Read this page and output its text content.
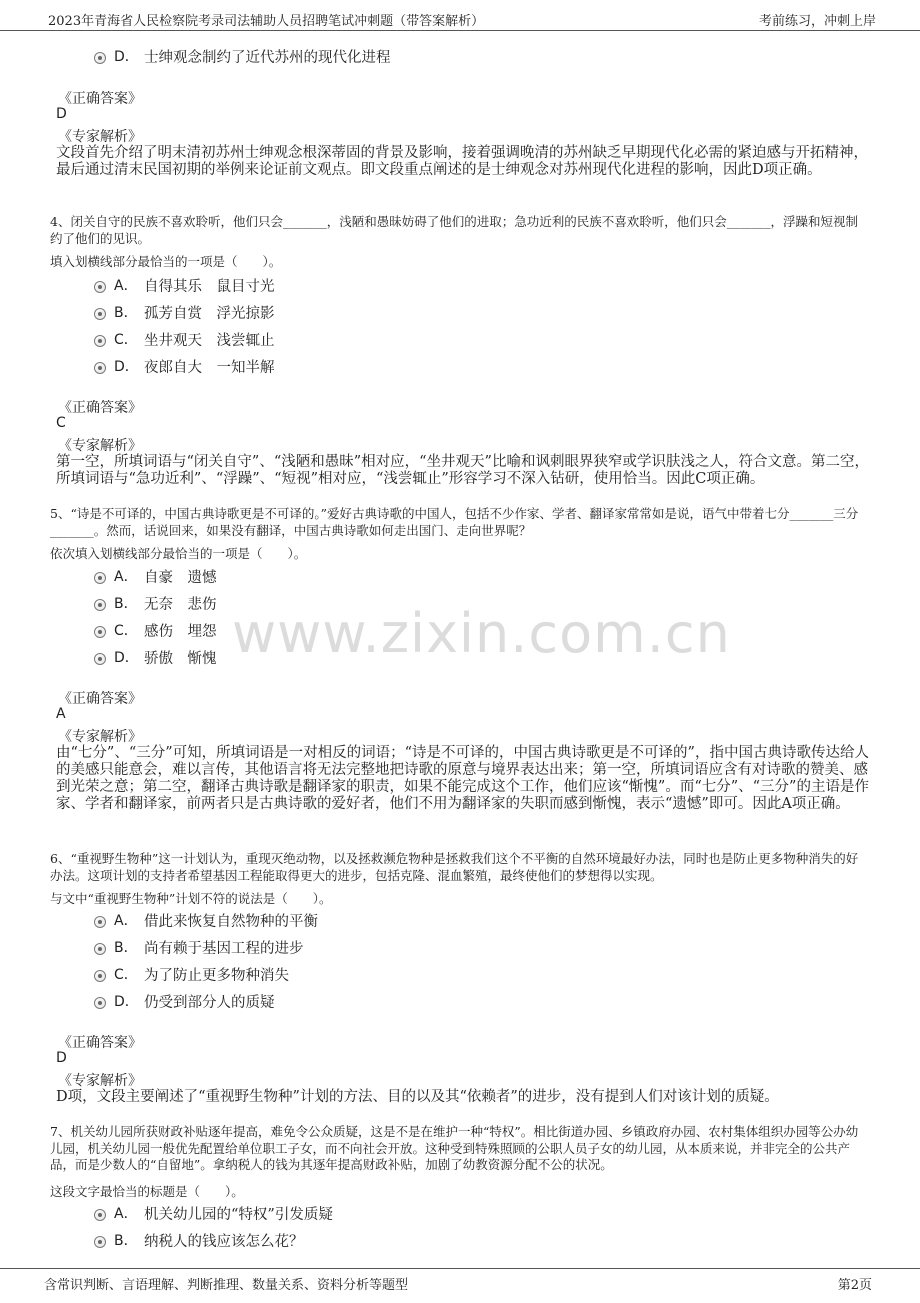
2023年青海省人民检察院考录司法辅助人员招聘笔试冲刺题（带答案解析）	考前练习，冲刺上岸
www.zixin.com.cn
D． 士绅观念制约了近代苏州的现代化进程
《正确答案》
D
《专家解析》
文段首先介绍了明末清初苏州士绅观念根深蒂固的背景及影响，接着强调晚清的苏州缺乏早期现代化必需的紧迫感与开拓精神，最后通过清末民国初期的举例来论证前文观点。即文段重点阐述的是士绅观念对苏州现代化进程的影响，因此D项正确。
4、闭关自守的民族不喜欢聆听，他们只会_______，浅陋和愚昧妨碍了他们的进取；急功近利的民族不喜欢聆听，他们只会_______，浮躁和短视制约了他们的见识。
填入划横线部分最恰当的一项是（　　）。
A． 自得其乐　鼠目寸光
B． 孤芳自赏　浮光掠影
C． 坐井观天　浅尝辄止
D． 夜郎自大　一知半解
《正确答案》
C
《专家解析》
第一空，所填词语与“闭关自守”、“浅陋和愚昧”相对应，“坐井观天”比喻和讽刺眼界狭窄或学识肤浅之人，符合文意。第二空，所填词语与“急功近利”、“浮躁”、“短视”相对应，“浅尝辄止”形容学习不深入钻研，使用恰当。因此C项正确。
5、“诗是不可译的，中国古典诗歌更是不可译的。”爱好古典诗歌的中国人，包括不少作家、学者、翻译家常常如是说，语气中带着七分_______三分_______。然而，话说回来，如果没有翻译，中国古典诗歌如何走出国门、走向世界呢？
依次填入划横线部分最恰当的一项是（　　）。
A． 自豪　遗憾
B． 无奈　悲伤
C． 感伤　埋怨
D． 骄傲　惭愧
《正确答案》
A
《专家解析》
由“七分”、“三分”可知，所填词语是一对相反的词语；“诗是不可译的，中国古典诗歌更是不可译的”，指中国古典诗歌传达给人的美感只能意会，难以言传，其他语言将无法完整地把诗歌的原意与境界表达出来；第一空，所填词语应含有对诗歌的赞美、感到光荣之意；第二空，翻译古典诗歌是翻译家的职责，如果不能完成这个工作，他们应该“惭愧”。而“七分”、“三分”的主语是作家、学者和翻译家，前两者只是古典诗歌的爱好者，他们不用为翻译家的失职而感到惭愧，表示“遗憾”即可。因此A项正确。
6、“重视野生物种”这一计划认为，重现灭绝动物，以及拯救濒危物种是拯救我们这个不平衡的自然环境最好办法，同时也是防止更多物种消失的好办法。这项计划的支持者希望基因工程能取得更大的进步，包括克隆、混血繁殖，最终使他们的梦想得以实现。
与文中“重视野生物种”计划不符的说法是（　　）。
A． 借此来恢复自然物种的平衡
B． 尚有赖于基因工程的进步
C． 为了防止更多物种消失
D． 仍受到部分人的质疑
《正确答案》
D
《专家解析》
D项，文段主要阐述了“重视野生物种”计划的方法、目的以及其“依赖者”的进步，没有提到人们对该计划的质疑。
7、机关幼儿园所获财政补贴逐年提高，难免令公众质疑，这是不是在维护一种“特权”。相比街道办园、乡镇政府办园、农村集体组织办园等公办幼儿园，机关幼儿园一般优先配置给单位职工子女，而不向社会开放。这种受到特殊照顾的公职人员子女的幼儿园，从本质来说，并非完全的公共产品，而是少数人的“自留地”。拿纳税人的钱为其逐年提高财政补贴，加剧了幼教资源分配不公的状况。
这段文字最恰当的标题是（　　）。
A． 机关幼儿园的“特权”引发质疑
B． 纳税人的钱应该怎么花？
含常识判断、言语理解、判断推理、数量关系、资料分析等题型	第2页
